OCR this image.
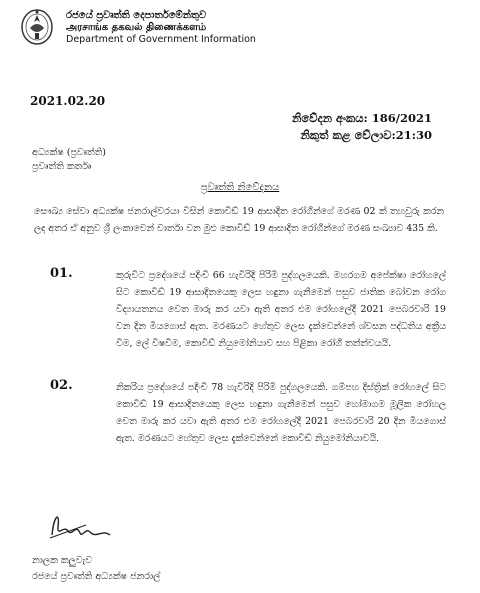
රජයේ ප්‍රවෘත්ති දෙපාර්තමේන්තුව
அரசாங்க தகவல் திணைக்களம்
Department of Government Information
2021.02.20
නිවේදන අංකය: 186/2021
නිකුත් කළ වේලාව:21:30
අධ්‍යක්ෂ (ප්‍රවෘත්ති)
ප්‍රවෘත්ති කර්තෘ
ප්‍රවෘත්ති නිවේදනය
සෞඛ්‍ය සේවා අධ්‍යක්ෂ ජනරාල්වරයා විසින් කොවිඩ් 19 ආසාදිත රෝගීන්ගේ මරණ 02 ක් තහවුරු කරන ලද අතර ඒ අනුව ශ්‍රී ලංකාවෙන් වාර්තා වන මුළු කොවිඩ් 19 ආසාදිත රෝගීන්ගේ මරණ සංඛ්‍යාව 435 කි.
01.	කුරුවිට ප්‍රදේශයේ පදිංචි 66 හැවිරිදි පිරිමි පුද්ගලයෙකි. මහරගම අපේක්ෂා රෝහලේ සිට කොවිඩ් 19 ආසාදිතයෙකු ලෙස හඳුනා ගැනීමෙන් පසුව ජාතික බෝවන රෝග විද්‍යායතනය වෙත මාරු කර යවා ඇති අතර එම රෝහලේදී 2021 පෙබරවාරි 19 වන දින මියගොස් ඇත. මරණයට හේතුව ලෙස දැක්වෙන්නේ ශ්වසන පද්ධතිය අක්‍රීය වීම, ලේ විෂවීම, කොවිඩ් නියුමෝනියාව සහ පිළිකා රෝගී තත්ත්වයයි.
02.	නිකරිය ප්‍රදේශයේ පදිංචි 78 හැවිරිදි පිරිමි පුද්ගලයෙකි. ගම්පහ දිස්ත්‍රික් රෝහලේ සිට කොවිඩ් 19 ආසාදිතයෙකු ලෙස හඳුනා ගැනීමෙන් පසුව හෝමාගම මූලික රෝහල වෙත මාරු කර යවා ඇති අතර එම රෝහලේදී 2021 පෙබරවාරි 20 දින මියගොස් ඇත. මරණයට හේතුව ලෙස දැක්වෙන්නේ කොවිඩ් නියුමෝනියාවයි.
නාලක කලුවැව
රජයේ ප්‍රවෘත්ති අධ්‍යක්ෂ ජනරාල්
